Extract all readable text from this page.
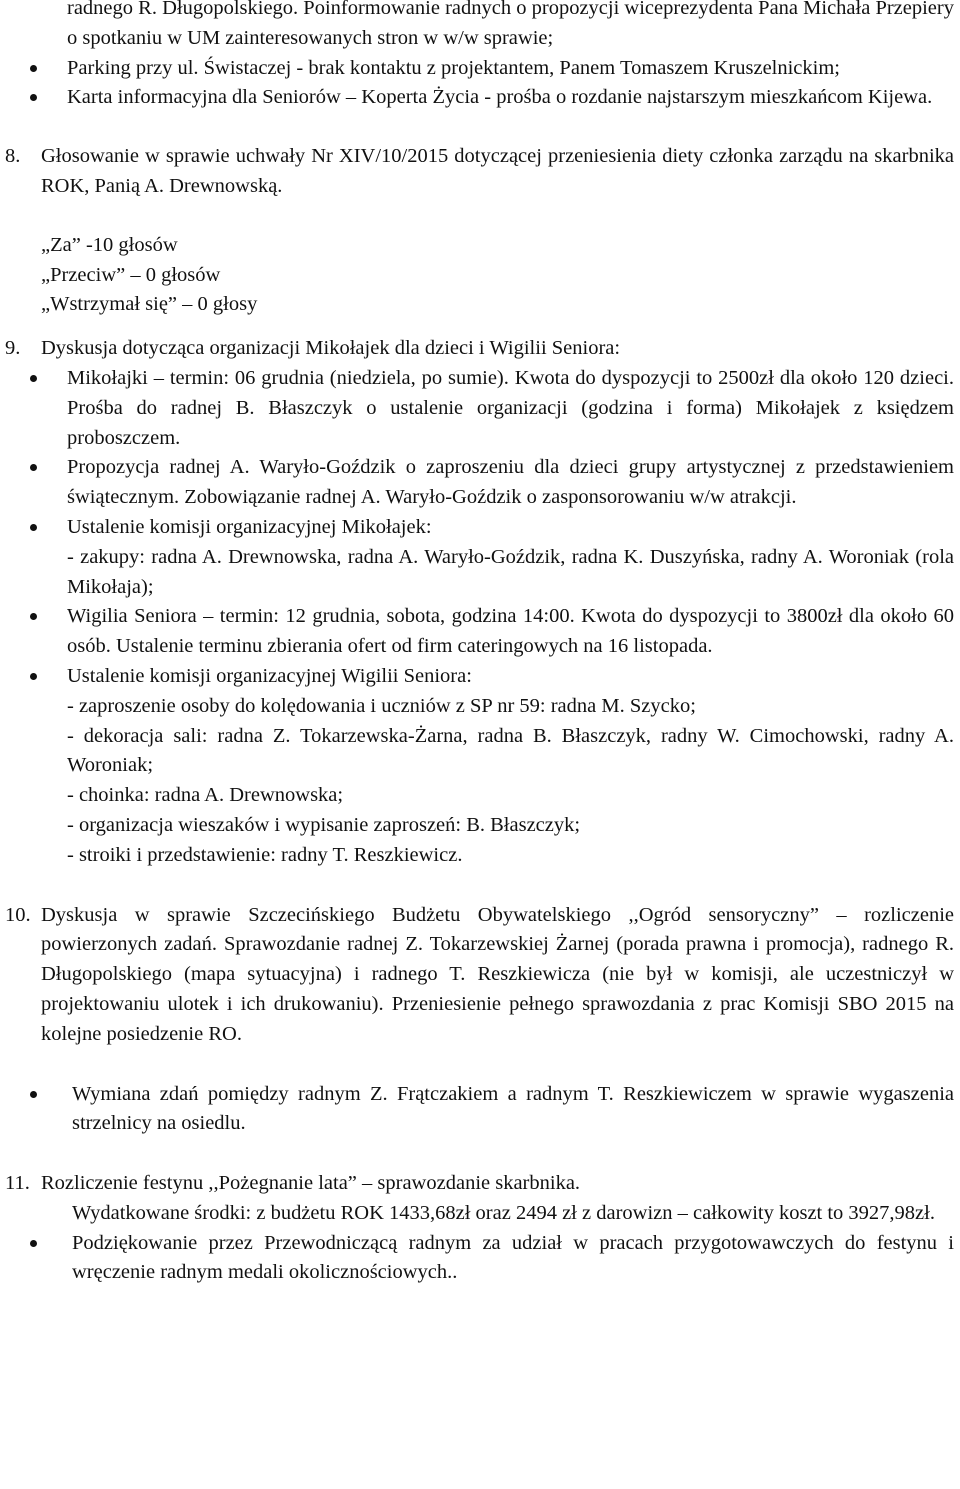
radnego R. Długopolskiego. Poinformowanie radnych o propozycji wiceprezydenta Pana Michała Przepiery o spotkaniu w UM zainteresowanych stron w w/w sprawie;

Parking przy ul. Świstaczej - brak kontaktu z projektantem, Panem Tomaszem Kruszelnickim;

Karta informacyjna dla Seniorów – Koperta Życia - prośba o rozdanie najstarszym mieszkańcom Kijewa.

8.	Głosowanie w sprawie uchwały Nr XIV/10/2015 dotyczącej przeniesienia diety członka zarządu na skarbnika ROK, Panią A. Drewnowską.

„Za” -10 głosów

„Przeciw” – 0 głosów

„Wstrzymał się” – 0 głosy

9.	Dyskusja dotycząca organizacji Mikołajek dla dzieci i Wigilii Seniora:

Mikołajki – termin: 06 grudnia (niedziela, po sumie). Kwota do dyspozycji to 2500zł dla około 120 dzieci. Prośba do radnej B. Błaszczyk o ustalenie organizacji (godzina i forma) Mikołajek z księdzem proboszczem.

Propozycja radnej A. Waryło-Goździk o zaproszeniu dla dzieci grupy artystycznej z przedstawieniem świątecznym. Zobowiązanie radnej A. Waryło-Goździk o zasponsorowaniu w/w atrakcji.

Ustalenie komisji organizacyjnej Mikołajek:

- zakupy: radna A. Drewnowska, radna A. Waryło-Goździk, radna K. Duszyńska, radny A. Woroniak (rola Mikołaja);

Wigilia Seniora – termin: 12 grudnia, sobota, godzina 14:00. Kwota do dyspozycji to 3800zł dla około 60 osób. Ustalenie terminu zbierania ofert od firm cateringowych na 16 listopada.

Ustalenie komisji organizacyjnej Wigilii Seniora:

- zaproszenie osoby do kolędowania i uczniów z SP nr 59: radna M. Szycko;

- dekoracja sali: radna Z. Tokarzewska-Żarna, radna B. Błaszczyk, radny W. Cimochowski, radny A. Woroniak;

- choinka: radna A. Drewnowska;

- organizacja wieszaków i wypisanie zaproszeń: B. Błaszczyk;

- stroiki i przedstawienie: radny T. Reszkiewicz.

10. Dyskusja w sprawie Szczecińskiego Budżetu Obywatelskiego ,,Ogród sensoryczny” – rozliczenie powierzonych zadań. Sprawozdanie radnej Z. Tokarzewskiej Żarnej (porada prawna i promocja), radnego R. Długopolskiego (mapa sytuacyjna) i radnego T. Reszkiewicza (nie był w komisji, ale uczestniczył w projektowaniu ulotek i ich drukowaniu). Przeniesienie pełnego sprawozdania z prac Komisji SBO 2015 na kolejne posiedzenie RO.

Wymiana zdań pomiędzy radnym Z. Frątczakiem a radnym T. Reszkiewiczem w sprawie wygaszenia strzelnicy na osiedlu.

11. Rozliczenie festynu ,,Pożegnanie lata” – sprawozdanie skarbnika.

Wydatkowane środki: z budżetu ROK 1433,68zł oraz 2494 zł z darowizn – całkowity koszt to 3927,98zł.

Podziękowanie przez Przewodniczącą radnym za udział w pracach przygotowawczych do festynu i wręczenie radnym medali okolicznościowych..
